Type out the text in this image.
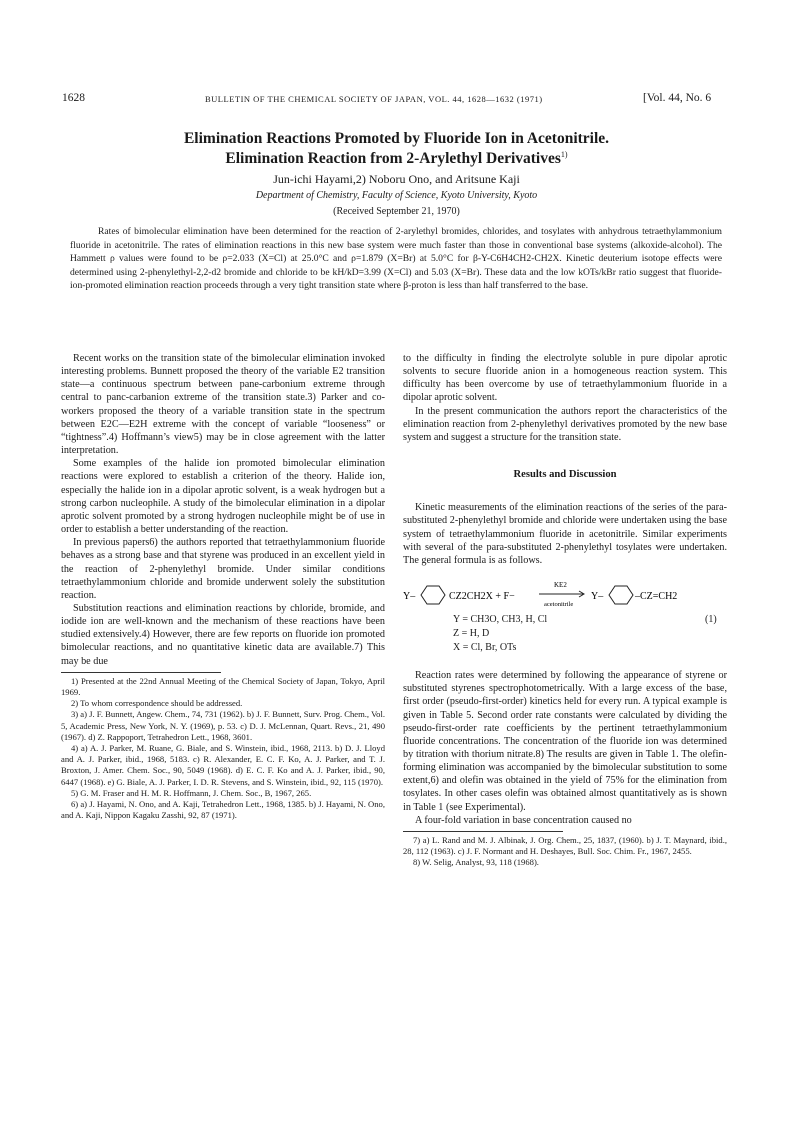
1628	BULLETIN OF THE CHEMICAL SOCIETY OF JAPAN, VOL. 44, 1628—1632 (1971)	[Vol. 44, No. 6
Elimination Reactions Promoted by Fluoride Ion in Acetonitrile.
Elimination Reaction from 2-Arylethyl Derivatives$^{1)}$
Jun-ichi Hayami,2) Noboru Ono, and Aritsune Kaji
Department of Chemistry, Faculty of Science, Kyoto University, Kyoto
(Received September 21, 1970)
Rates of bimolecular elimination have been determined for the reaction of 2-arylethyl bromides, chlorides, and tosylates with anhydrous tetraethylammonium fluoride in acetonitrile. The rates of elimination reactions in this new base system were much faster than those in conventional base systems (alkoxide-alcohol). The Hammett ρ values were found to be ρ=2.033 (X=Cl) at 25.0°C and ρ=1.879 (X=Br) at 5.0°C for β-Y-C6H4CH2-CH2X. Kinetic deuterium isotope effects were determined using 2-phenylethyl-2,2-d2 bromide and chloride to be kH/kD=3.99 (X=Cl) and 5.03 (X=Br). These data and the low kOTs/kBr ratio suggest that fluoride-ion-promoted elimination reaction proceeds through a very tight transition state where β-proton is less than half transferred to the base.

Recent works on the transition state of the bimolecular elimination invoked interesting problems. Bunnett proposed the theory of the variable E2 transition state—a continuous spectrum between pane-carbonium extreme through central to panc-carbanion extreme of the transition state.3) Parker and co-workers proposed the theory of a variable transition state in the spectrum between E2C—E2H extreme with the concept of variable “looseness” or “tightness”.4) Hoffmann’s view5) may be in close agreement with the latter interpretation.

Some examples of the halide ion promoted bimolecular elimination reactions were explored to establish a criterion of the theory. Halide ion, especially the halide ion in a dipolar aprotic solvent, is a weak hydrogen but a strong carbon nucleophile. A study of the bimolecular elimination in a dipolar aprotic solvent promoted by a strong hydrogen nucleophile might be of use in order to establish a better understanding of the reaction.

In previous papers6) the authors reported that tetraethylammonium fluoride behaves as a strong base and that styrene was produced in an excellent yield in the reaction of 2-phenylethyl bromide. Under similar conditions tetraethylammonium chloride and bromide underwent solely the substitution reaction.

Substitution reactions and elimination reactions by chloride, bromide, and iodide ion are well-known and the mechanism of these reactions have been studied extensively.4) However, there are few reports on fluoride ion promoted bimolecular reactions, and no quantitative kinetic data are available.7) This may be due

1) Presented at the 22nd Annual Meeting of the Chemical Society of Japan, Tokyo, April 1969.
2) To whom correspondence should be addressed.
3) a) J. F. Bunnett, Angew. Chem., 74, 731 (1962). b) J. F. Bunnett, Surv. Prog. Chem., Vol. 5, Academic Press, New York, N. Y. (1969), p. 53. c) D. J. McLennan, Quart. Revs., 21, 490 (1967). d) Z. Rappoport, Tetrahedron Lett., 1968, 3601.
4) a) A. J. Parker, M. Ruane, G. Biale, and S. Winstein, ibid., 1968, 2113. b) D. J. Lloyd and A. J. Parker, ibid., 1968, 5183. c) R. Alexander, E. C. F. Ko, A. J. Parker, and T. J. Broxton, J. Amer. Chem. Soc., 90, 5049 (1968). d) E. C. F. Ko and A. J. Parker, ibid., 90, 6447 (1968). e) G. Biale, A. J. Parker, I. D. R. Stevens, and S. Winstein, ibid., 92, 115 (1970).
5) G. M. Fraser and H. M. R. Hoffmann, J. Chem. Soc., B, 1967, 265.
6) a) J. Hayami, N. Ono, and A. Kaji, Tetrahedron Lett., 1968, 1385. b) J. Hayami, N. Ono, and A. Kaji, Nippon Kagaku Zasshi, 92, 87 (1971).

to the difficulty in finding the electrolyte soluble in pure dipolar aprotic solvents to secure fluoride anion in a homogeneous reaction system. This difficulty has been overcome by use of tetraethylammonium fluoride in a dipolar aprotic solvent.

In the present communication the authors report the characteristics of the elimination reaction from 2-phenylethyl derivatives promoted by the new base system and suggest a structure for the transition state.

Results and Discussion

Kinetic measurements of the elimination reactions of the series of the para-substituted 2-phenylethyl bromide and chloride were undertaken using the base system of tetraethylammonium fluoride in acetonitrile. Similar experiments with several of the para-substituted 2-phenylethyl tosylates were undertaken. The general formula is as follows.

Y–	CZ2CH2X + F−
KE2
acetonitrile
Y–	–CZ=CH2
Y = CH3O, CH3, H, Cl	(1)
Z = H, D
X = Cl, Br, OTs

Reaction rates were determined by following the appearance of styrene or substituted styrenes spectrophotometrically. With a large excess of the base, first order (pseudo-first-order) kinetics held for every run. A typical example is given in Table 5. Second order rate constants were calculated by dividing the pseudo-first-order rate coefficients by the pertinent tetraethylammonium fluoride concentrations. The concentration of the fluoride ion was determined by titration with thorium nitrate.8) The results are given in Table 1. The olefin-forming elimination was accompanied by the bimolecular substitution to some extent,6) and olefin was obtained in the yield of 75% for the elimination from tosylates. In other cases olefin was obtained almost quantitatively as is shown in Table 1 (see Experimental).

A four-fold variation in base concentration caused no

7) a) L. Rand and M. J. Albinak, J. Org. Chem., 25, 1837, (1960). b) J. T. Maynard, ibid., 28, 112 (1963). c) J. F. Normant and H. Deshayes, Bull. Soc. Chim. Fr., 1967, 2455.
8) W. Selig, Analyst, 93, 118 (1968).
